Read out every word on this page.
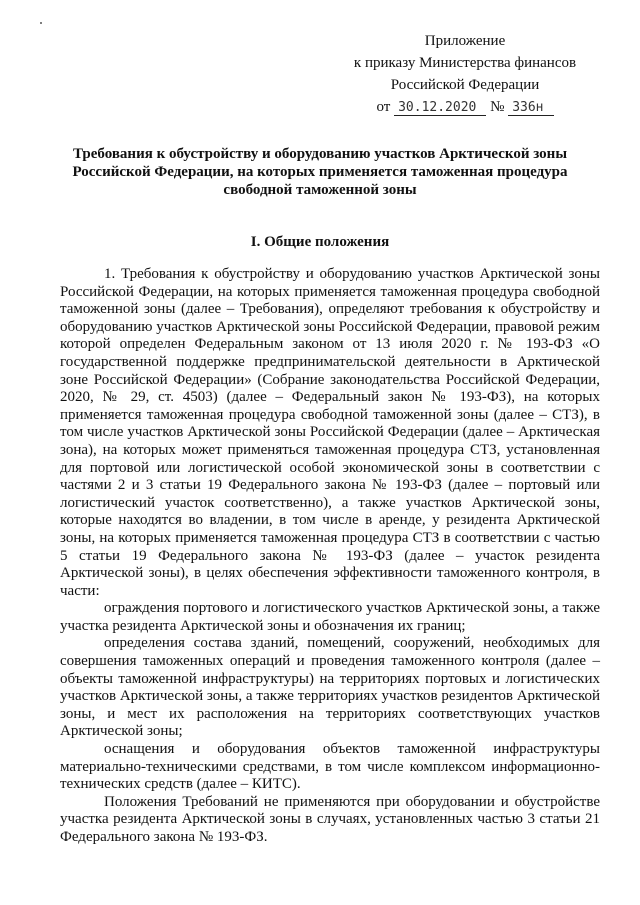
Приложение
к приказу Министерства финансов
Российской Федерации
от 30.12.2020 № 336н
Требования к обустройству и оборудованию участков Арктической зоны Российской Федерации, на которых применяется таможенная процедура свободной таможенной зоны
I. Общие положения

1. Требования к обустройству и оборудованию участков Арктической зоны Российской Федерации, на которых применяется таможенная процедура свободной таможенной зоны (далее – Требования), определяют требования к обустройству и оборудованию участков Арктической зоны Российской Федерации, правовой режим которой определен Федеральным законом от 13 июля 2020 г. № 193-ФЗ «О государственной поддержке предпринимательской деятельности в Арктической зоне Российской Федерации» (Собрание законодательства Российской Федерации, 2020, № 29, ст. 4503) (далее – Федеральный закон № 193-ФЗ), на которых применяется таможенная процедура свободной таможенной зоны (далее – СТЗ), в том числе участков Арктической зоны Российской Федерации (далее – Арктическая зона), на которых может применяться таможенная процедура СТЗ, установленная для портовой или логистической особой экономической зоны в соответствии с частями 2 и 3 статьи 19 Федерального закона № 193-ФЗ (далее – портовый или логистический участок соответственно), а также участков Арктической зоны, которые находятся во владении, в том числе в аренде, у резидента Арктической зоны, на которых применяется таможенная процедура СТЗ в соответствии с частью 5 статьи 19 Федерального закона № 193-ФЗ (далее – участок резидента Арктической зоны), в целях обеспечения эффективности таможенного контроля, в части:

ограждения портового и логистического участков Арктической зоны, а также участка резидента Арктической зоны и обозначения их границ;

определения состава зданий, помещений, сооружений, необходимых для совершения таможенных операций и проведения таможенного контроля (далее – объекты таможенной инфраструктуры) на территориях портовых и логистических участков Арктической зоны, а также территориях участков резидентов Арктической зоны, и мест их расположения на территориях соответствующих участков Арктической зоны;

оснащения и оборудования объектов таможенной инфраструктуры материально-техническими средствами, в том числе комплексом информационно-технических средств (далее – КИТС).

Положения Требований не применяются при оборудовании и обустройстве участка резидента Арктической зоны в случаях, установленных частью 3 статьи 21 Федерального закона № 193-ФЗ.
